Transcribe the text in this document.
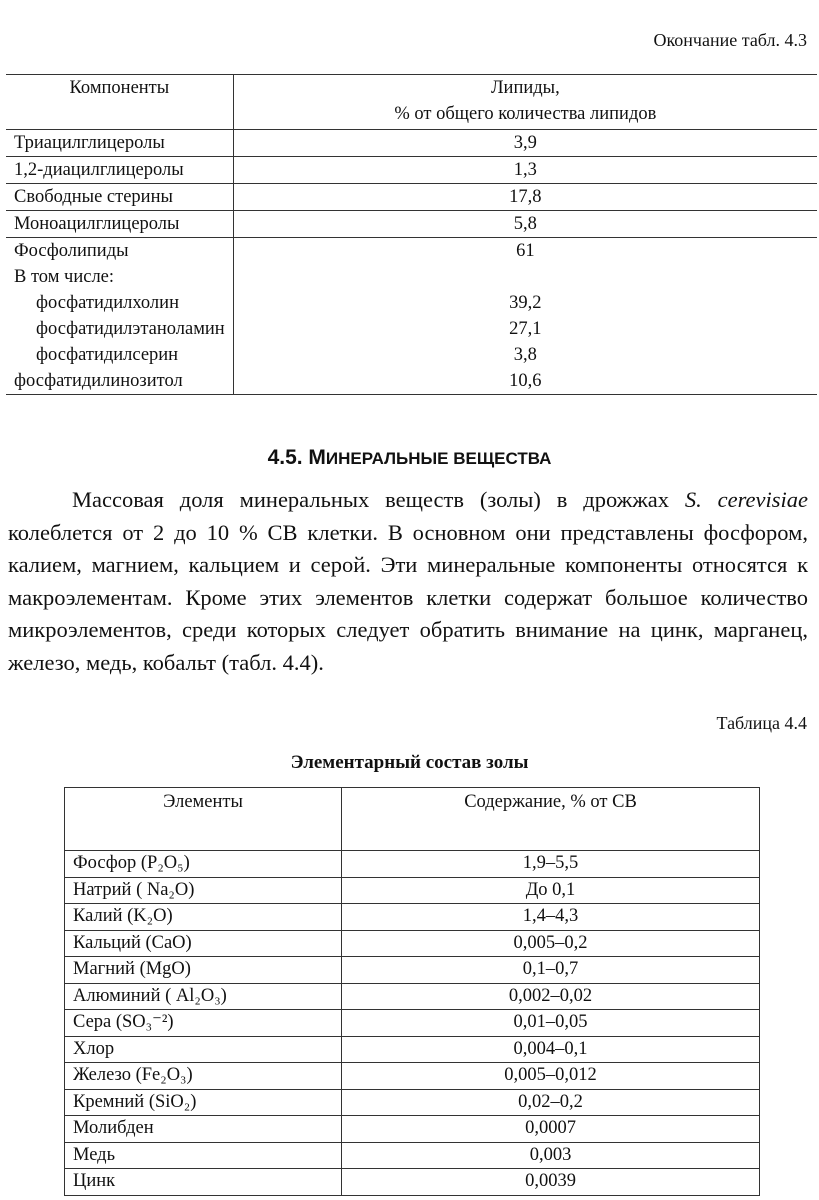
Окончание табл. 4.3
Компоненты	Липиды,
% от общего количества липидов

Триацилглицеролы	3,9
1,2-диацилглицеролы	1,3
Свободные стерины	17,8
Моноацилглицеролы	5,8
Фосфолипиды	61
В том числе:	
фосфатидилхолин	39,2
фосфатидилэтаноламин	27,1
фосфатидилсерин	3,8
фосфатидилинозитол	10,6
4.5. МИНЕРАЛЬНЫЕ ВЕЩЕСТВА
Массовая доля минеральных веществ (золы) в дрожжах S. cerevisiae колеблется от 2 до 10 % СВ клетки. В основном они представлены фосфором, калием, магнием, кальцием и серой. Эти минеральные компоненты относятся к макроэлементам. Кроме этих элементов клетки содержат большое количество микроэлементов, среди которых следует обратить внимание на цинк, марганец, железо, медь, кобальт (табл. 4.4).
Таблица 4.4
Элементарный состав золы
Элементы	Содержание, % от СВ
Фосфор (P₂O₅)	1,9–5,5
Натрий ( Na₂O)	До 0,1
Калий (K₂O)	1,4–4,3
Кальций (CaO)	0,005–0,2
Магний (MgO)	0,1–0,7
Алюминий ( Al₂O₃)	0,002–0,02
Сера (SO₃⁻²)	0,01–0,05
Хлор	0,004–0,1
Железо (Fe₂O₃)	0,005–0,012
Кремний (SiO₂)	0,02–0,2
Молибден	0,0007
Медь	0,003
Цинк	0,0039
